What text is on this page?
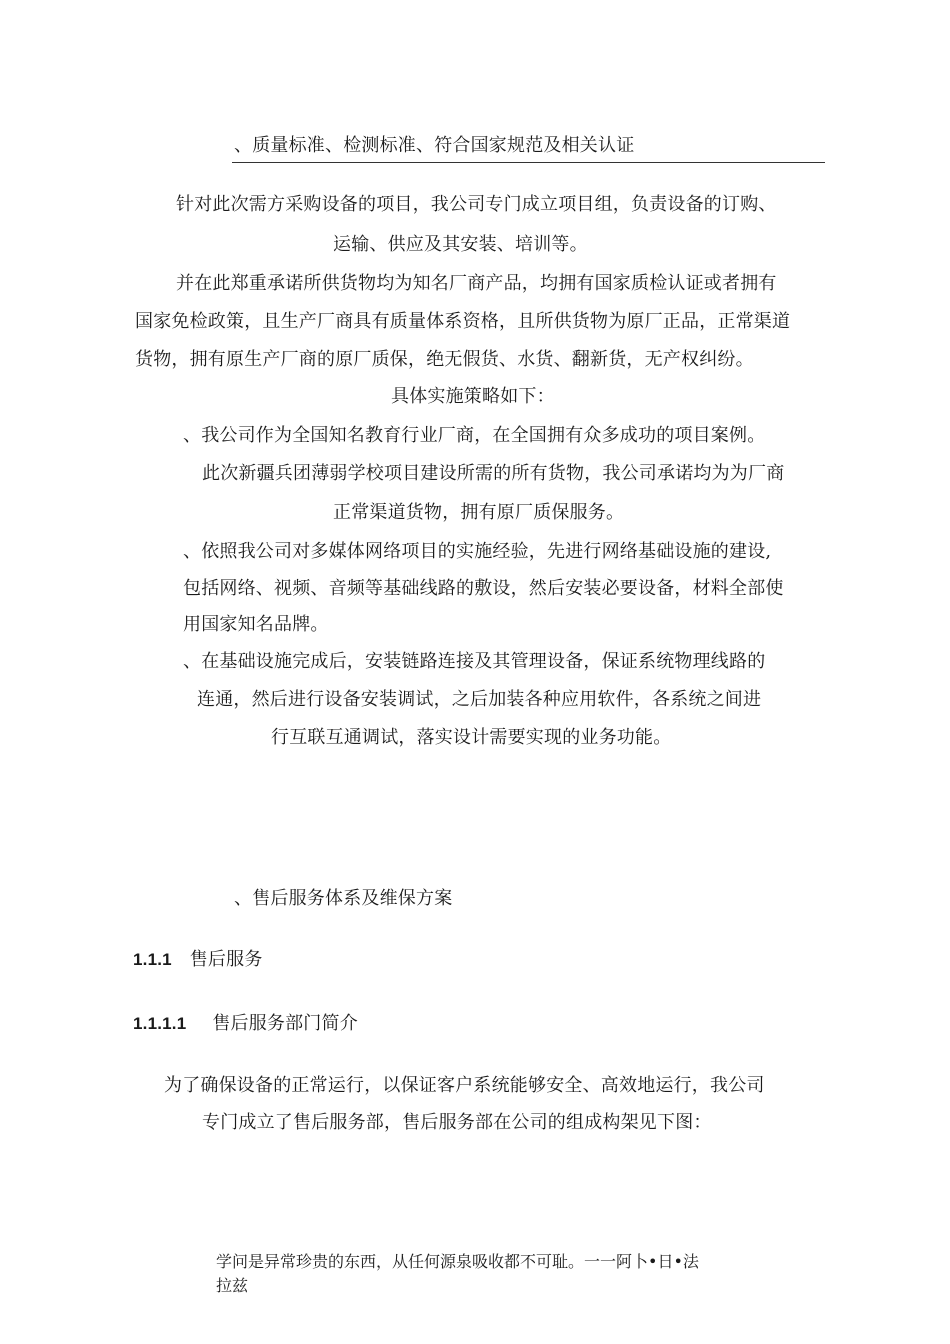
、质量标准、检测标准、符合国家规范及相关认证
针对此次需方采购设备的项目，我公司专门成立项目组，负责设备的订购、
运输、供应及其安装、培训等。
并在此郑重承诺所供货物均为知名厂商产品，均拥有国家质检认证或者拥有
国家免检政策，且生产厂商具有质量体系资格，且所供货物为原厂正品，正常渠道
货物，拥有原生产厂商的原厂质保，绝无假货、水货、翻新货，无产权纠纷。
具体实施策略如下：
、我公司作为全国知名教育行业厂商，在全国拥有众多成功的项目案例。
此次新疆兵团薄弱学校项目建设所需的所有货物，我公司承诺均为为厂商
正常渠道货物，拥有原厂质保服务。
、依照我公司对多媒体网络项目的实施经验，先进行网络基础设施的建设,
包括网络、视频、音频等基础线路的敷设，然后安装必要设备，材料全部使
用国家知名品牌。
、在基础设施完成后，安装链路连接及其管理设备，保证系统物理线路的
连通，然后进行设备安装调试，之后加装各种应用软件，各系统之间进
行互联互通调试，落实设计需要实现的业务功能。
、售后服务体系及维保方案
1.1.1 售后服务
1.1.1.1 售后服务部门简介
为了确保设备的正常运行，以保证客户系统能够安全、高效地运行，我公司
专门成立了售后服务部，售后服务部在公司的组成构架见下图：
学问是异常珍贵的东西，从任何源泉吸收都不可耻。一一阿卜•日•法
拉兹
